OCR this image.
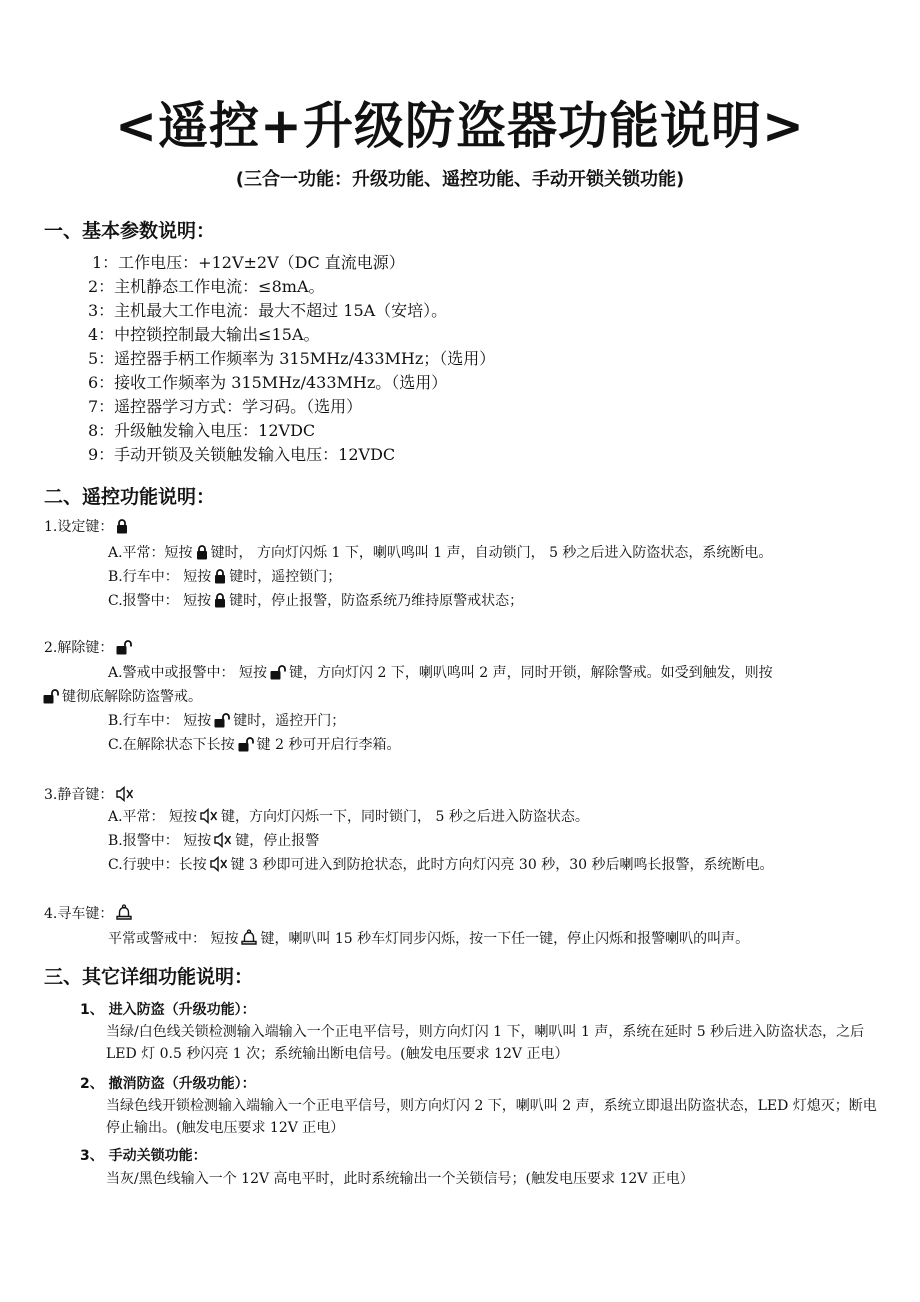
<遥控+升级防盗器功能说明>
(三合一功能：升级功能、遥控功能、手动开锁关锁功能)
一、基本参数说明：
1：工作电压：+12V±2V（DC 直流电源）
2：主机静态工作电流：≤8mA。
3：主机最大工作电流：最大不超过 15A（安培）。
4：中控锁控制最大输出≤15A。
5：遥控器手柄工作频率为 315MHz/433MHz；（选用）
6：接收工作频率为 315MHz/433MHz。（选用）
7：遥控器学习方式：学习码。（选用）
8：升级触发输入电压：12VDC
9：手动开锁及关锁触发输入电压：12VDC
二、遥控功能说明：
1.设定键：
A.平常：短按 键时， 方向灯闪烁 1 下，喇叭鸣叫 1 声，自动锁门， 5 秒之后进入防盗状态，系统断电。
B.行车中： 短按 键时，遥控锁门；
C.报警中： 短按 键时，停止报警，防盗系统乃维持原警戒状态；
2.解除键：
A.警戒中或报警中： 短按 键，方向灯闪 2 下，喇叭鸣叫 2 声，同时开锁，解除警戒。如受到触发，则按
键彻底解除防盗警戒。
B.行车中： 短按 键时，遥控开门；
C.在解除状态下长按 键 2 秒可开启行李箱。
3.静音键：
A.平常： 短按 键，方向灯闪烁一下，同时锁门， 5 秒之后进入防盗状态。
B.报警中： 短按 键，停止报警
C.行驶中：长按 键 3 秒即可进入到防抢状态，此时方向灯闪亮 30 秒，30 秒后喇鸣长报警，系统断电。
4.寻车键：
平常或警戒中： 短按 键，喇叭叫 15 秒车灯同步闪烁，按一下任一键，停止闪烁和报警喇叭的叫声。
三、其它详细功能说明：
1、 进入防盗（升级功能）：
当绿/白色线关锁检测输入端输入一个正电平信号，则方向灯闪 1 下，喇叭叫 1 声，系统在延时 5 秒后进入防盗状态，之后 LED 灯 0.5 秒闪亮 1 次；系统输出断电信号。(触发电压要求 12V 正电）
2、 撤消防盗（升级功能）：
当绿色线开锁检测输入端输入一个正电平信号，则方向灯闪 2 下，喇叭叫 2 声，系统立即退出防盗状态，LED 灯熄灭；断电停止输出。(触发电压要求 12V 正电）
3、 手动关锁功能：
当灰/黑色线输入一个 12V 高电平时，此时系统输出一个关锁信号；(触发电压要求 12V 正电）
